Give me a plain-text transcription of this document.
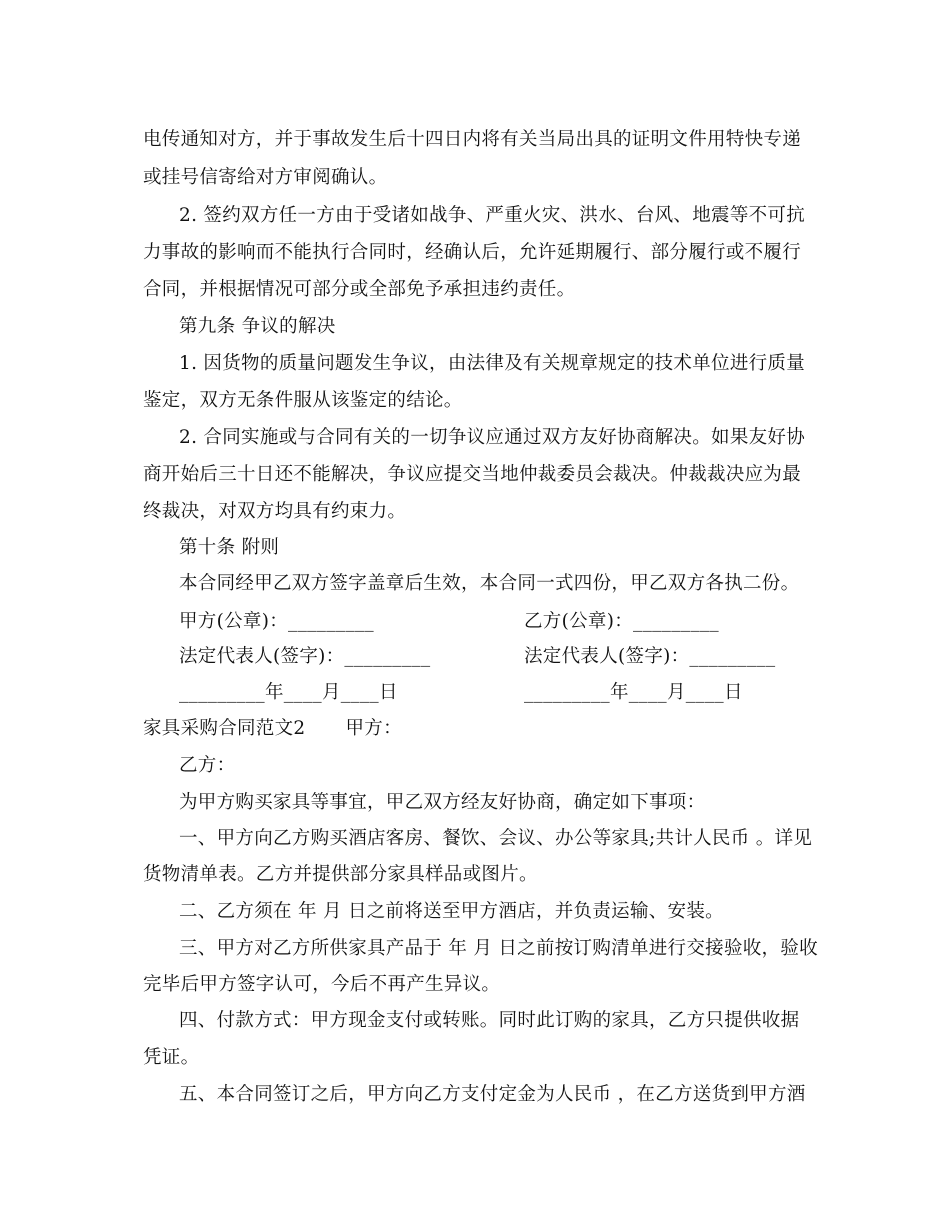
电传通知对方，并于事故发生后十四日内将有关当局出具的证明文件用特快专递
或挂号信寄给对方审阅确认。
2. 签约双方任一方由于受诸如战争、严重火灾、洪水、台风、地震等不可抗
力事故的影响而不能执行合同时，经确认后，允许延期履行、部分履行或不履行
合同，并根据情况可部分或全部免予承担违约责任。
第九条 争议的解决
1. 因货物的质量问题发生争议，由法律及有关规章规定的技术单位进行质量
鉴定，双方无条件服从该鉴定的结论。
2. 合同实施或与合同有关的一切争议应通过双方友好协商解决。如果友好协
商开始后三十日还不能解决，争议应提交当地仲裁委员会裁决。仲裁裁决应为最
终裁决，对双方均具有约束力。
第十条 附则
本合同经甲乙双方签字盖章后生效，本合同一式四份，甲乙双方各执二份。
甲方(公章)：_________	乙方(公章)：_________
法定代表人(签字)：_________	法定代表人(签字)：_________
_________年____月____日	_________年____月____日
家具采购合同范文2 甲方：
乙方：
为甲方购买家具等事宜，甲乙双方经友好协商，确定如下事项：
一、甲方向乙方购买酒店客房、餐饮、会议、办公等家具;共计人民币 。详见
货物清单表。乙方并提供部分家具样品或图片。
二、乙方须在 年 月 日之前将送至甲方酒店，并负责运输、安装。
三、甲方对乙方所供家具产品于 年 月 日之前按订购清单进行交接验收，验收
完毕后甲方签字认可，今后不再产生异议。
四、付款方式：甲方现金支付或转账。同时此订购的家具，乙方只提供收据
凭证。
五、本合同签订之后，甲方向乙方支付定金为人民币 ，在乙方送货到甲方酒
